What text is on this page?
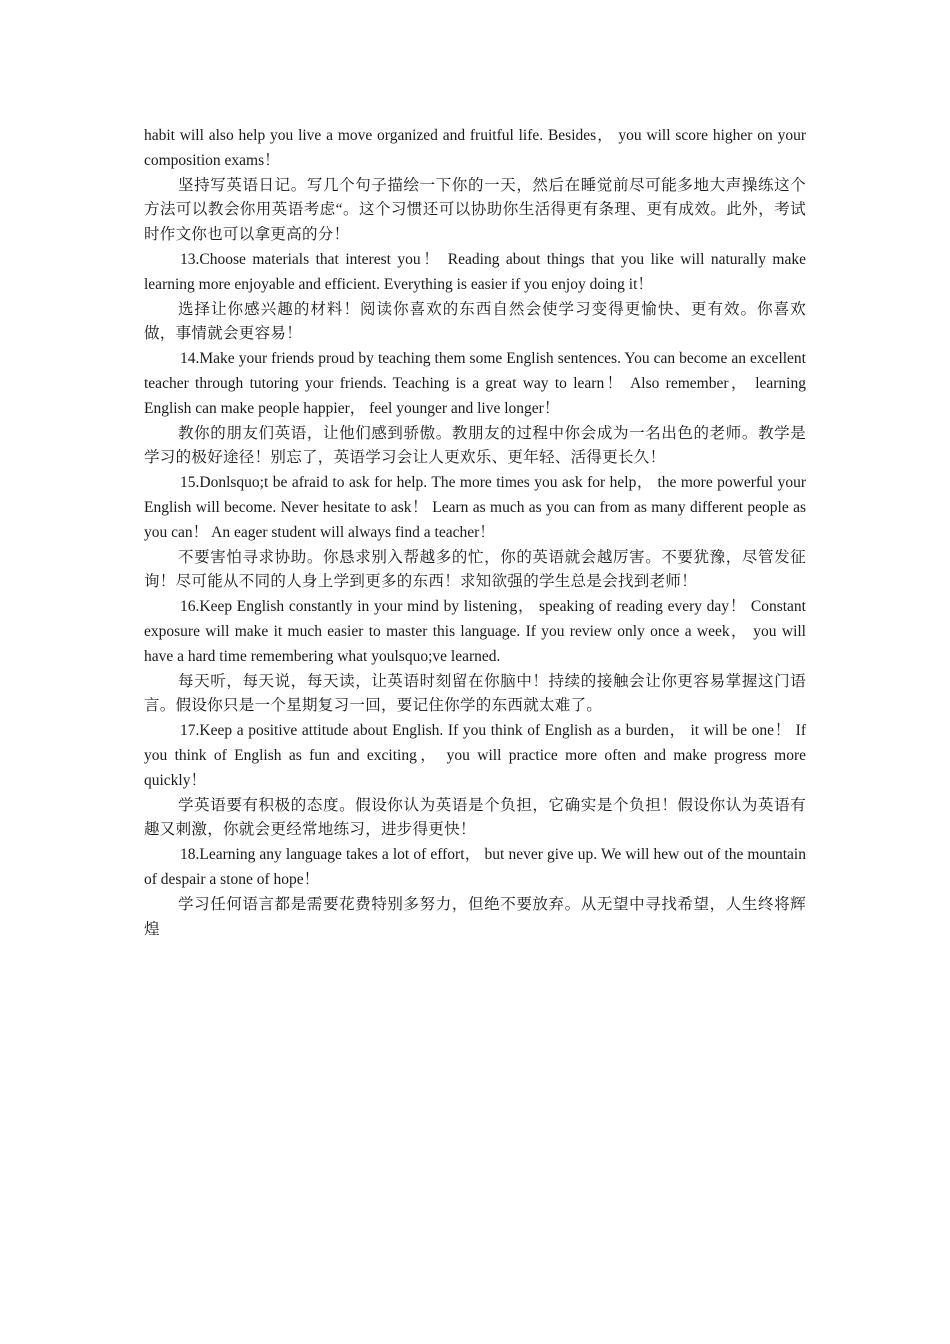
habit will also help you live a move organized and fruitful life. Besides， you will score higher on your composition exams！

坚持写英语日记。写几个句子描绘一下你的一天，然后在睡觉前尽可能多地大声操练这个方法可以教会你用英语考虑“。这个习惯还可以协助你生活得更有条理、更有成效。此外，考试时作文你也可以拿更高的分！

13.Choose materials that interest you！ Reading about things that you like will naturally make learning more enjoyable and efficient. Everything is easier if you enjoy doing it！

选择让你感兴趣的材料！阅读你喜欢的东西自然会使学习变得更愉快、更有效。你喜欢做，事情就会更容易！

14.Make your friends proud by teaching them some English sentences. You can become an excellent teacher through tutoring your friends. Teaching is a great way to learn！ Also remember， learning English can make people happier， feel younger and live longer！

教你的朋友们英语，让他们感到骄傲。教朋友的过程中你会成为一名出色的老师。教学是学习的极好途径！别忘了，英语学习会让人更欢乐、更年轻、活得更长久！

15.Donlsquo;t be afraid to ask for help. The more times you ask for help， the more powerful your English will become. Never hesitate to ask！ Learn as much as you can from as many different people as you can！ An eager student will always find a teacher！

不要害怕寻求协助。你恳求别入帮越多的忙，你的英语就会越厉害。不要犹豫，尽管发征询！尽可能从不同的人身上学到更多的东西！求知欲强的学生总是会找到老师！

16.Keep English constantly in your mind by listening， speaking of reading every day！ Constant exposure will make it much easier to master this language. If you review only once a week， you will have a hard time remembering what youlsquo;ve learned.

每天听，每天说，每天读，让英语时刻留在你脑中！持续的接触会让你更容易掌握这门语言。假设你只是一个星期复习一回，要记住你学的东西就太难了。

17.Keep a positive attitude about English. If you think of English as a burden， it will be one！ If you think of English as fun and exciting， you will practice more often and make progress more quickly！

学英语要有积极的态度。假设你认为英语是个负担，它确实是个负担！假设你认为英语有趣又刺激，你就会更经常地练习，进步得更快！

18.Learning any language takes a lot of effort， but never give up. We will hew out of the mountain of despair a stone of hope！

学习任何语言都是需要花费特别多努力，但绝不要放弃。从无望中寻找希望，人生终将辉煌
